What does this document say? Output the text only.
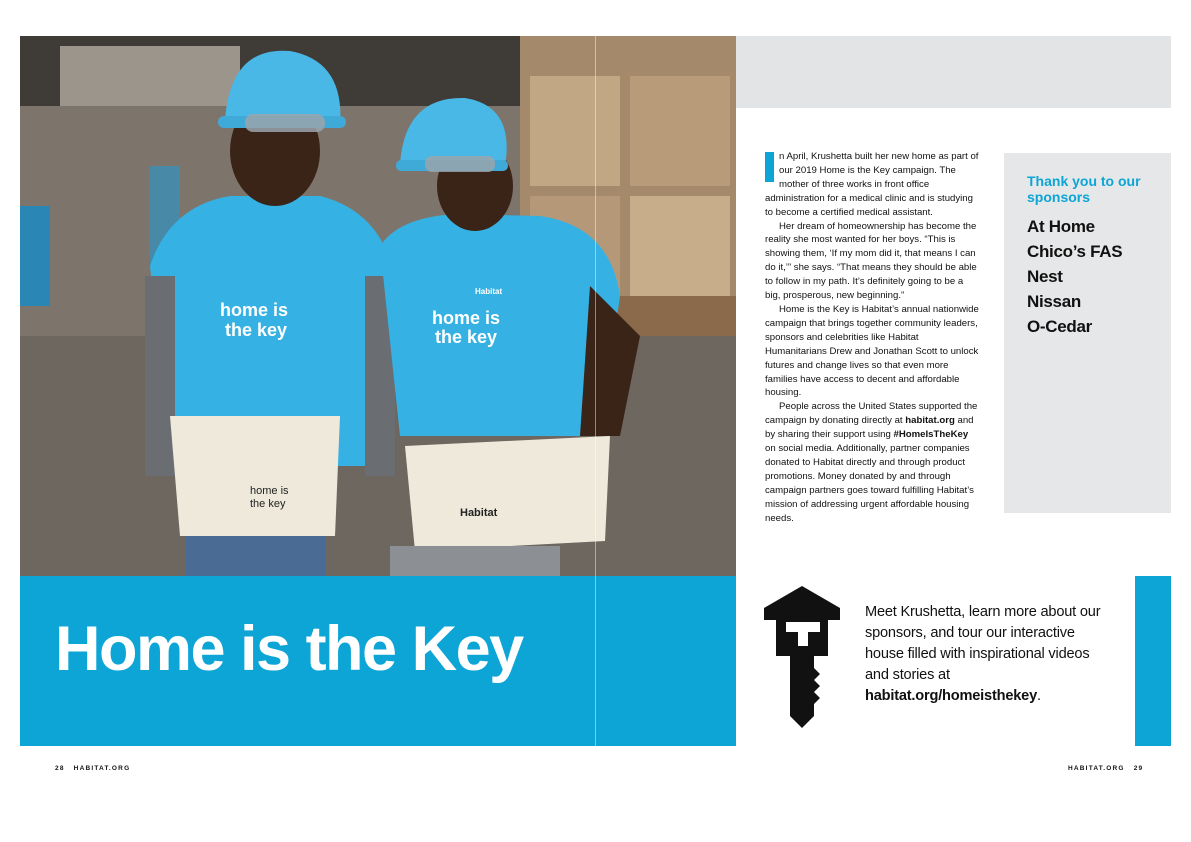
home is
the key
home is
the key
home is
the key
Habitat
Habitat
Home is the Key

n April, Krushetta built her new home as part of our 2019 Home is the Key campaign. The mother of three works in front office administration for a medical clinic and is studying to become a certified medical assistant.

Her dream of homeownership has become the reality she most wanted for her boys. “This is showing them, ‘If my mom did it, that means I can do it,’” she says. “That means they should be able to follow in my path. It’s definitely going to be a big, prosperous, new beginning.”

Home is the Key is Habitat’s annual nationwide campaign that brings together community leaders, sponsors and celebrities like Habitat Humanitarians Drew and Jonathan Scott to unlock futures and change lives so that even more families have access to decent and affordable housing.

People across the United States supported the campaign by donating directly at habitat.org and by sharing their support using #HomeIsTheKey on social media. Additionally, partner companies donated to Habitat directly and through product promotions. Money donated by and through campaign partners goes toward fulfilling Habitat’s mission of addressing urgent affordable housing needs.

Thank you to our sponsors
At Home
Chico’s FAS
Nest
Nissan
O-Cedar
Meet Krushetta, learn more about our sponsors, and tour our interactive house filled with inspirational videos and stories at habitat.org/homeisthekey.
28 HABITAT.ORG	HABITAT.ORG 29
